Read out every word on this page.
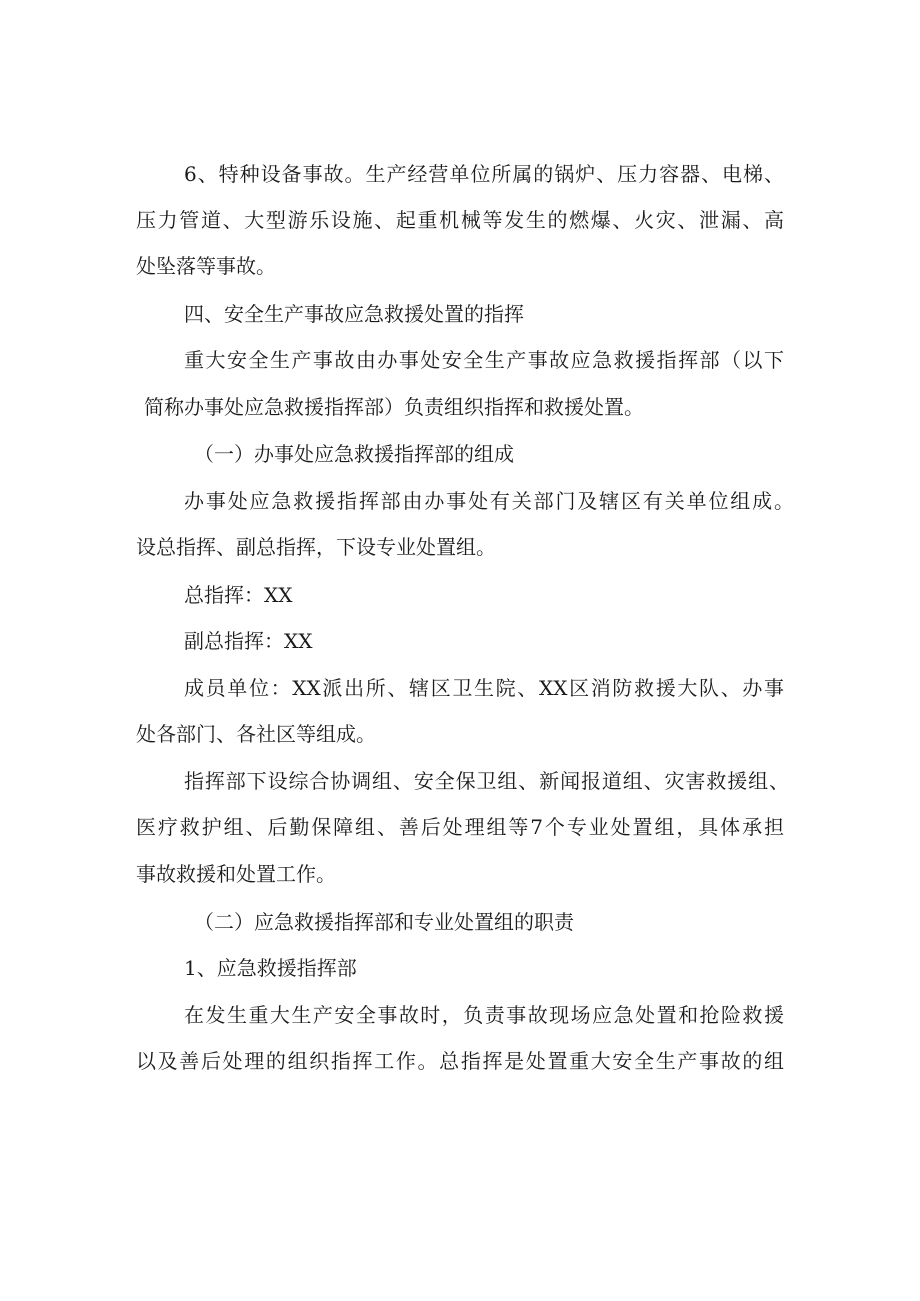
6、特种设备事故。生产经营单位所属的锅炉、压力容器、电梯、
压力管道、大型游乐设施、起重机械等发生的燃爆、火灾、泄漏、高
处坠落等事故。
四、安全生产事故应急救援处置的指挥
重大安全生产事故由办事处安全生产事故应急救援指挥部（以下
简称办事处应急救援指挥部）负责组织指挥和救援处置。
（一）办事处应急救援指挥部的组成
办事处应急救援指挥部由办事处有关部门及辖区有关单位组成。
设总指挥、副总指挥，下设专业处置组。
总指挥：XX
副总指挥：XX
成员单位：XX派出所、辖区卫生院、XX区消防救援大队、办事
处各部门、各社区等组成。
指挥部下设综合协调组、安全保卫组、新闻报道组、灾害救援组、
医疗救护组、后勤保障组、善后处理组等7个专业处置组，具体承担
事故救援和处置工作。
（二）应急救援指挥部和专业处置组的职责
1、应急救援指挥部
在发生重大生产安全事故时，负责事故现场应急处置和抢险救援
以及善后处理的组织指挥工作。总指挥是处置重大安全生产事故的组
